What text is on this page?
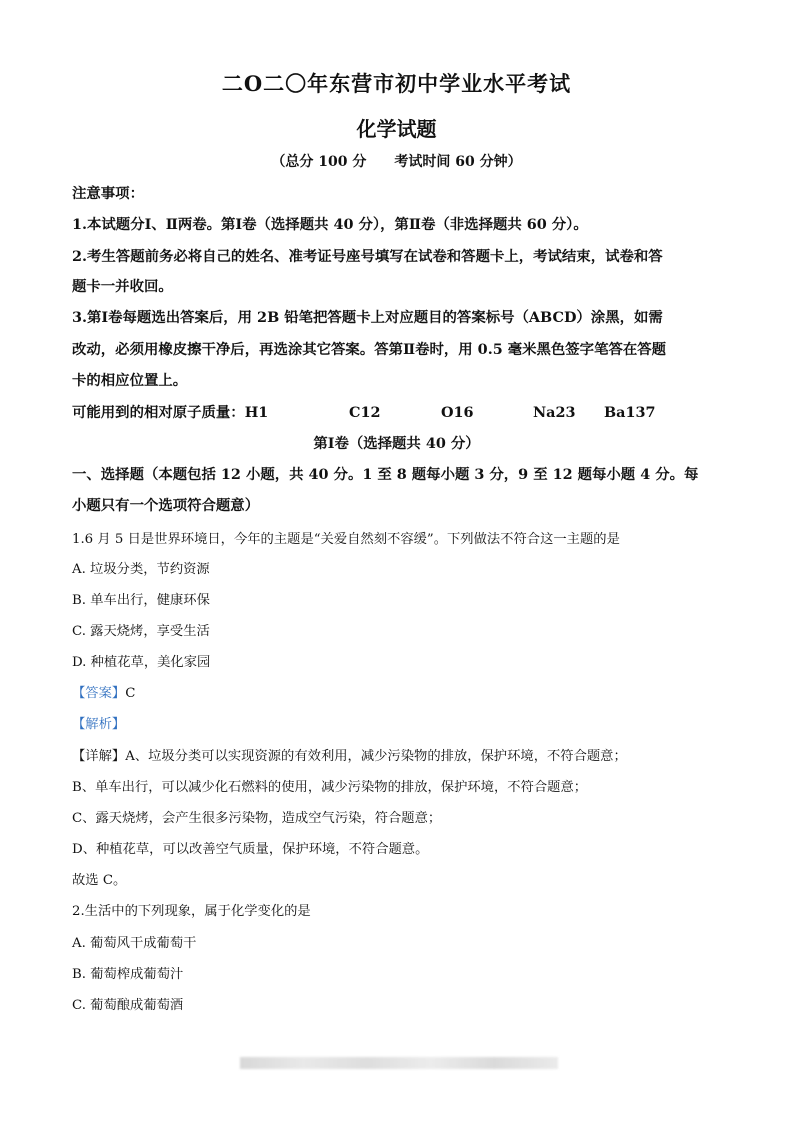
二O二〇年东营市初中学业水平考试
化学试题
（总分 100 分　　考试时间 60 分钟）
注意事项：
1.本试题分Ⅰ、Ⅱ两卷。第Ⅰ卷（选择题共 40 分），第Ⅱ卷（非选择题共 60 分）。
2.考生答题前务必将自己的姓名、准考证号座号填写在试卷和答题卡上，考试结束，试卷和答
题卡一并收回。
3.第Ⅰ卷每题选出答案后，用 2B 铅笔把答题卡上对应题目的答案标号（ABCD）涂黑，如需
改动，必须用橡皮擦干净后，再选涂其它答案。答第Ⅱ卷时，用 0.5 毫米黑色签字笔答在答题
卡的相应位置上。
可能用到的相对原子质量：H1	C12	O16	Na23 Ba137
第Ⅰ卷（选择题共 40 分）
一、选择题（本题包括 12 小题，共 40 分。1 至 8 题每小题 3 分，9 至 12 题每小题 4 分。每
小题只有一个选项符合题意）
1.6 月 5 日是世界环境日，今年的主题是“关爱自然刻不容缓”。下列做法不符合这一主题的是
A. 垃圾分类，节约资源
B. 单车出行，健康环保
C. 露天烧烤，享受生活
D. 种植花草，美化家园
【答案】C
【解析】
【详解】A、垃圾分类可以实现资源的有效利用，减少污染物的排放，保护环境，不符合题意；
B、单车出行，可以减少化石燃料的使用，减少污染物的排放，保护环境，不符合题意；
C、露天烧烤，会产生很多污染物，造成空气污染，符合题意；
D、种植花草，可以改善空气质量，保护环境，不符合题意。
故选 C。
2.生活中的下列现象，属于化学变化的是
A. 葡萄风干成葡萄干
B. 葡萄榨成葡萄汁
C. 葡萄酿成葡萄酒
